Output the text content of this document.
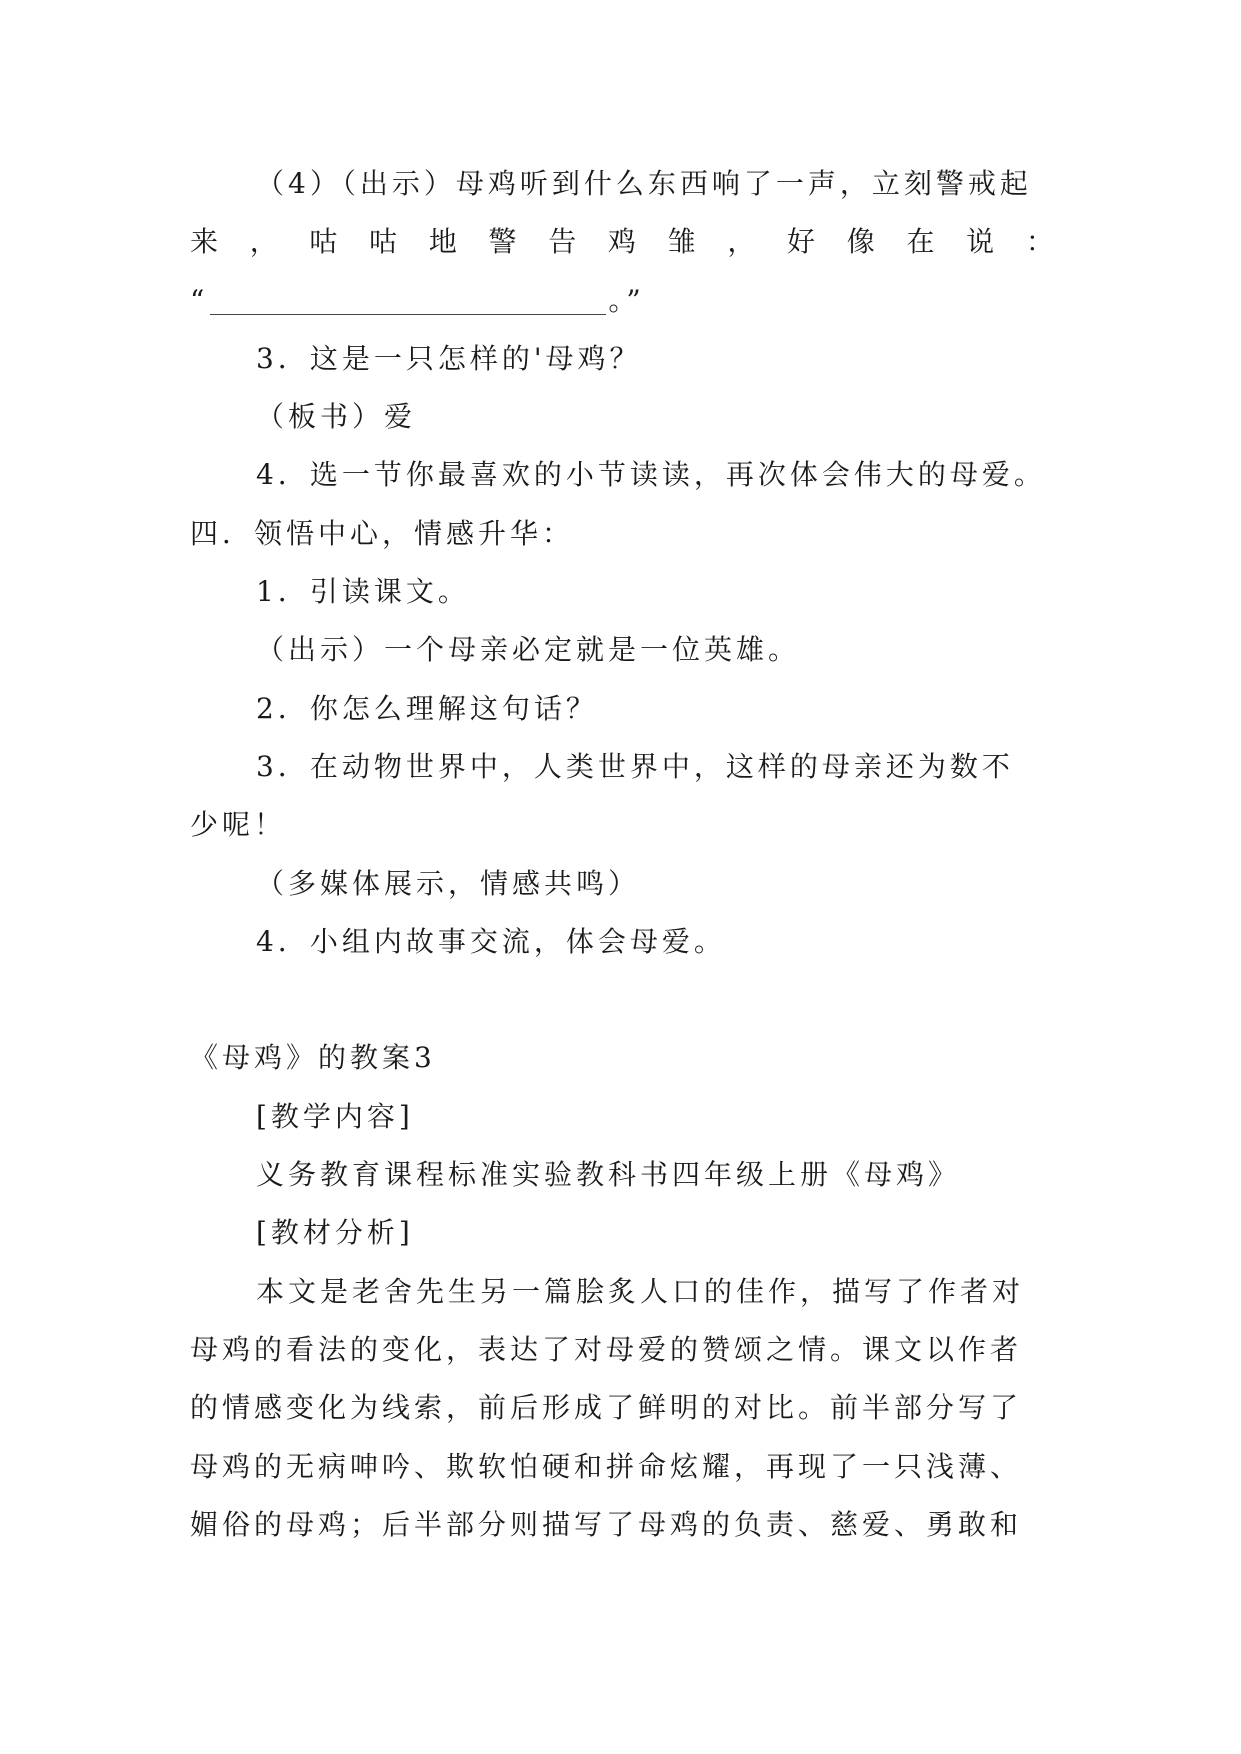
（4）（出示）母鸡听到什么东西响了一声，立刻警戒起
来 ， 咕 咕 地 警 告 鸡 雏 ， 好 像 在 说 ：
“	。”
3．这是一只怎样的'母鸡？
（板书）爱
4．选一节你最喜欢的小节读读，再次体会伟大的母爱。
四．领悟中心，情感升华：
1．引读课文。
（出示）一个母亲必定就是一位英雄。
2．你怎么理解这句话？
3．在动物世界中，人类世界中，这样的母亲还为数不
少呢！
（多媒体展示，情感共鸣）
4．小组内故事交流，体会母爱。
《母鸡》的教案3
[教学内容]
义务教育课程标准实验教科书四年级上册《母鸡》
[教材分析]
本文是老舍先生另一篇脍炙人口的佳作，描写了作者对
母鸡的看法的变化，表达了对母爱的赞颂之情。课文以作者
的情感变化为线索，前后形成了鲜明的对比。前半部分写了
母鸡的无病呻吟、欺软怕硬和拼命炫耀，再现了一只浅薄、
媚俗的母鸡；后半部分则描写了母鸡的负责、慈爱、勇敢和
